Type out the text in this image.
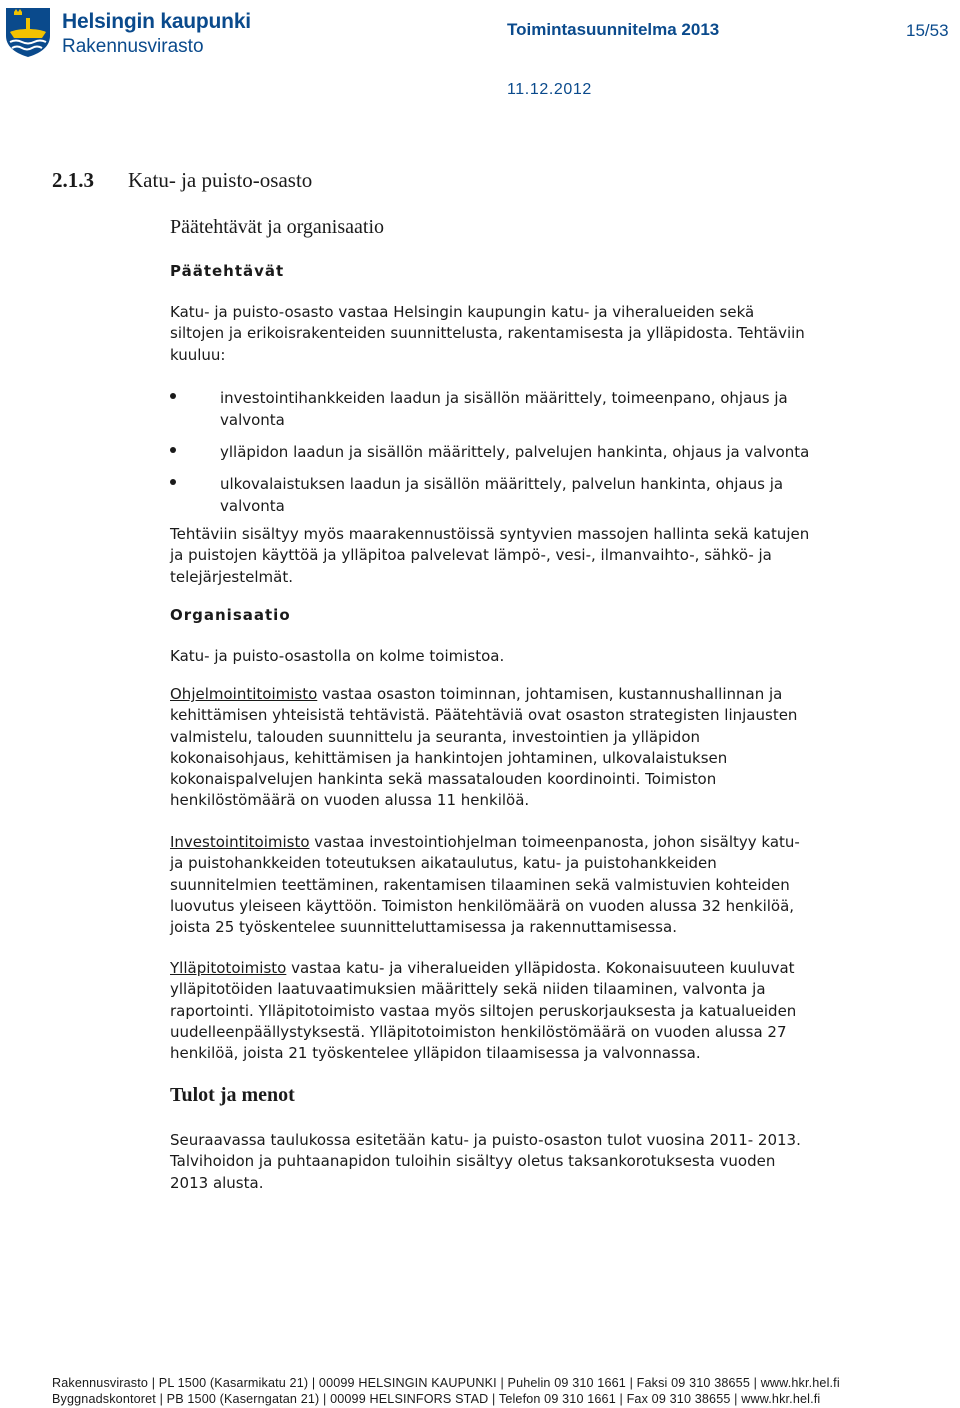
Helsingin kaupunki
Rakennusvirasto
Toimintasuunnitelma 2013	15/53
11.12.2012
2.1.3 Katu- ja puisto-osasto
Päätehtävät ja organisaatio
Päätehtävät
Katu- ja puisto-osasto vastaa Helsingin kaupungin katu- ja viheralueiden sekä
siltojen ja erikoisrakenteiden suunnittelusta, rakentamisesta ja ylläpidosta. Tehtäviin
kuuluu:
investointihankkeiden laadun ja sisällön määrittely, toimeenpano, ohjaus ja
valvonta
ylläpidon laadun ja sisällön määrittely, palvelujen hankinta, ohjaus ja valvonta
ulkovalaistuksen laadun ja sisällön määrittely, palvelun hankinta, ohjaus ja
valvonta
Tehtäviin sisältyy myös maarakennustöissä syntyvien massojen hallinta sekä katujen
ja puistojen käyttöä ja ylläpitoa palvelevat lämpö-, vesi-, ilmanvaihto-, sähkö- ja
telejärjestelmät.
Organisaatio
Katu- ja puisto-osastolla on kolme toimistoa.
Ohjelmointitoimisto vastaa osaston toiminnan, johtamisen, kustannushallinnan ja
kehittämisen yhteisistä tehtävistä. Päätehtäviä ovat osaston strategisten linjausten
valmistelu, talouden suunnittelu ja seuranta, investointien ja ylläpidon
kokonaisohjaus, kehittämisen ja hankintojen johtaminen, ulkovalaistuksen
kokonaispalvelujen hankinta sekä massatalouden koordinointi. Toimiston
henkilöstömäärä on vuoden alussa 11 henkilöä.
Investointitoimisto vastaa investointiohjelman toimeenpanosta, johon sisältyy katu-
ja puistohankkeiden toteutuksen aikataulutus, katu- ja puistohankkeiden
suunnitelmien teettäminen, rakentamisen tilaaminen sekä valmistuvien kohteiden
luovutus yleiseen käyttöön. Toimiston henkilömäärä on vuoden alussa 32 henkilöä,
joista 25 työskentelee suunnitteluttamisessa ja rakennuttamisessa.
Ylläpitotoimisto vastaa katu- ja viheralueiden ylläpidosta. Kokonaisuuteen kuuluvat
ylläpitotöiden laatuvaatimuksien määrittely sekä niiden tilaaminen, valvonta ja
raportointi. Ylläpitotoimisto vastaa myös siltojen peruskorjauksesta ja katualueiden
uudelleenpäällystyksestä. Ylläpitotoimiston henkilöstömäärä on vuoden alussa 27
henkilöä, joista 21 työskentelee ylläpidon tilaamisessa ja valvonnassa.
Tulot ja menot
Seuraavassa taulukossa esitetään katu- ja puisto-osaston tulot vuosina 2011- 2013.
Talvihoidon ja puhtaanapidon tuloihin sisältyy oletus taksankorotuksesta vuoden
2013 alusta.
Rakennusvirasto | PL 1500 (Kasarmikatu 21) | 00099 HELSINGIN KAUPUNKI | Puhelin 09 310 1661 | Faksi 09 310 38655 | www.hkr.hel.fi
Byggnadskontoret | PB 1500 (Kaserngatan 21) | 00099 HELSINFORS STAD | Telefon 09 310 1661 | Fax 09 310 38655 | www.hkr.hel.fi
